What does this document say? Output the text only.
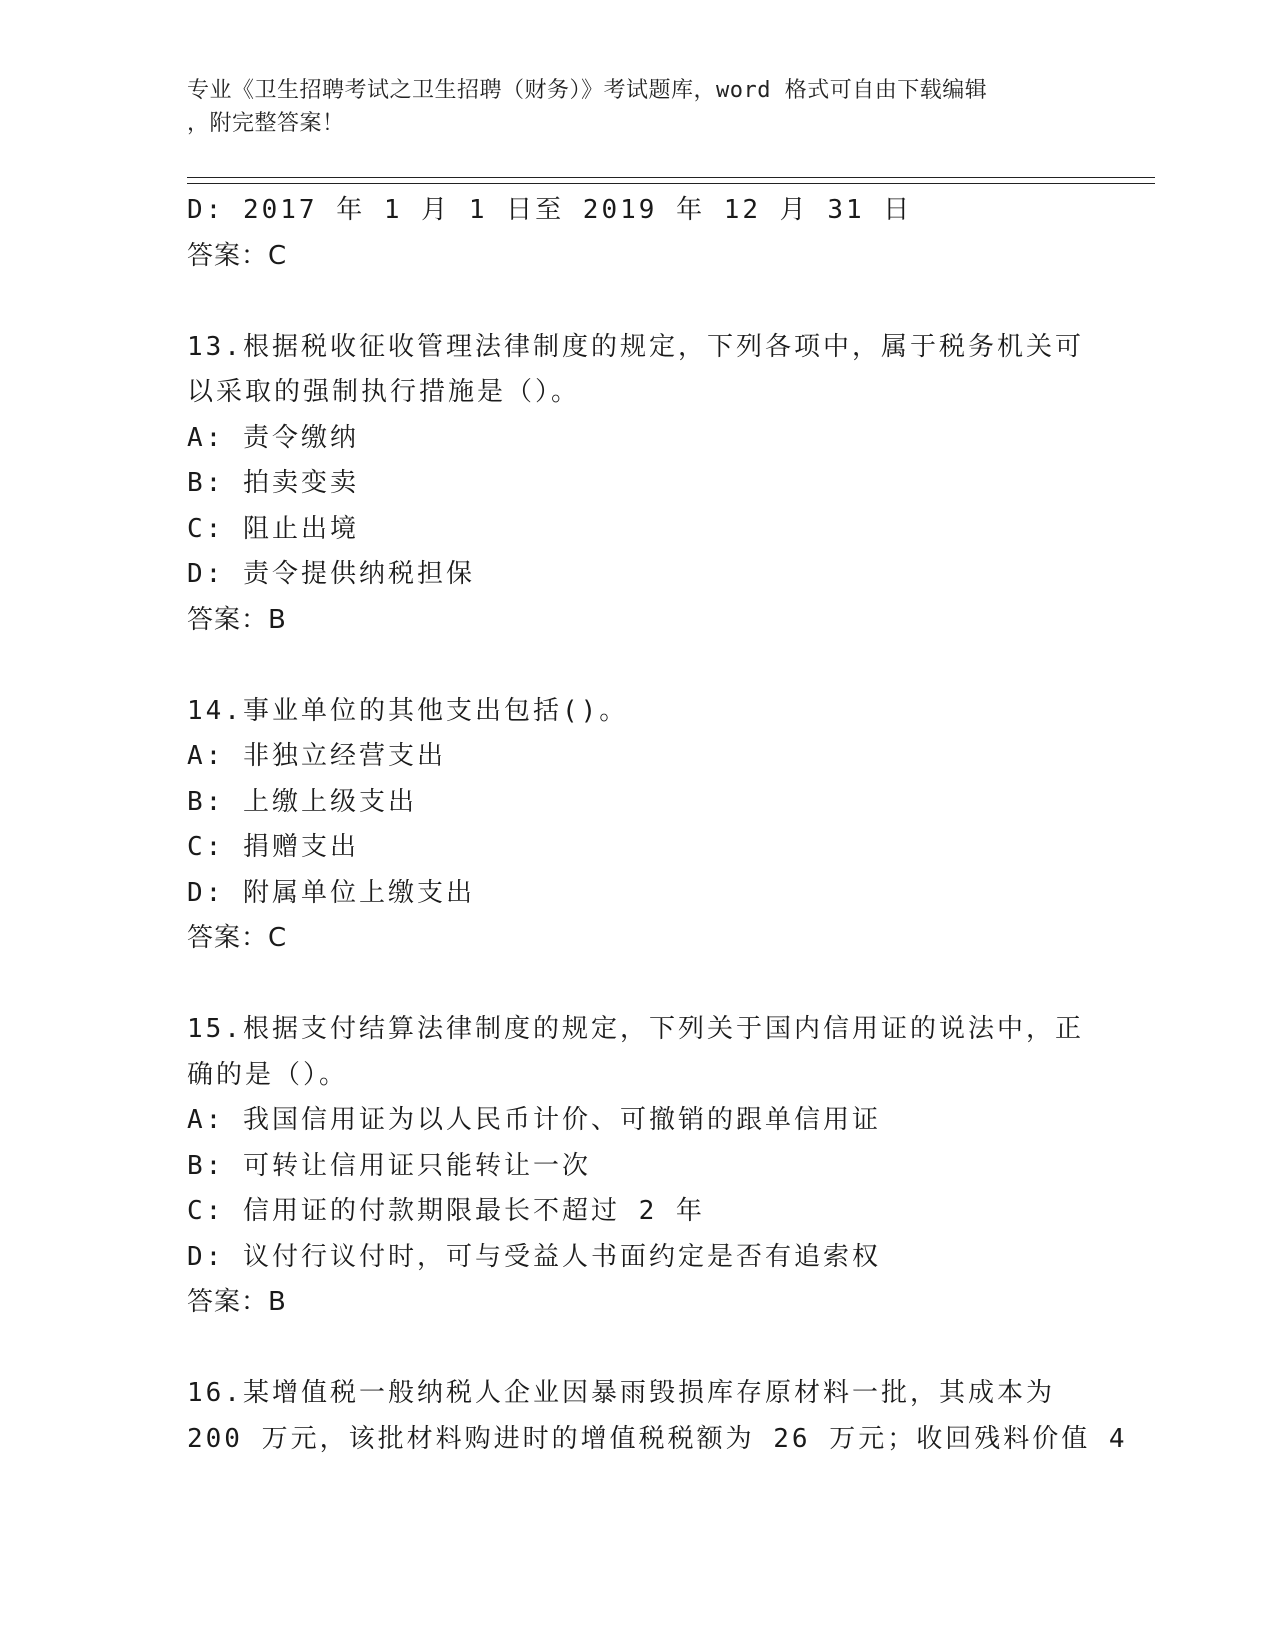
专业《卫生招聘考试之卫生招聘（财务）》考试题库，word 格式可自由下载编辑
，附完整答案！
D: 2017 年 1 月 1 日至 2019 年 12 月 31 日
答案：C
13.根据税收征收管理法律制度的规定，下列各项中，属于税务机关可
以采取的强制执行措施是（）。
A: 责令缴纳
B: 拍卖变卖
C: 阻止出境
D: 责令提供纳税担保
答案：B
14.事业单位的其他支出包括()。
A: 非独立经营支出
B: 上缴上级支出
C: 捐赠支出
D: 附属单位上缴支出
答案：C
15.根据支付结算法律制度的规定，下列关于国内信用证的说法中，正
确的是（）。
A: 我国信用证为以人民币计价、可撤销的跟单信用证
B: 可转让信用证只能转让一次
C: 信用证的付款期限最长不超过 2 年
D: 议付行议付时，可与受益人书面约定是否有追索权
答案：B
16.某增值税一般纳税人企业因暴雨毁损库存原材料一批，其成本为
200 万元，该批材料购进时的增值税税额为 26 万元；收回残料价值 4
